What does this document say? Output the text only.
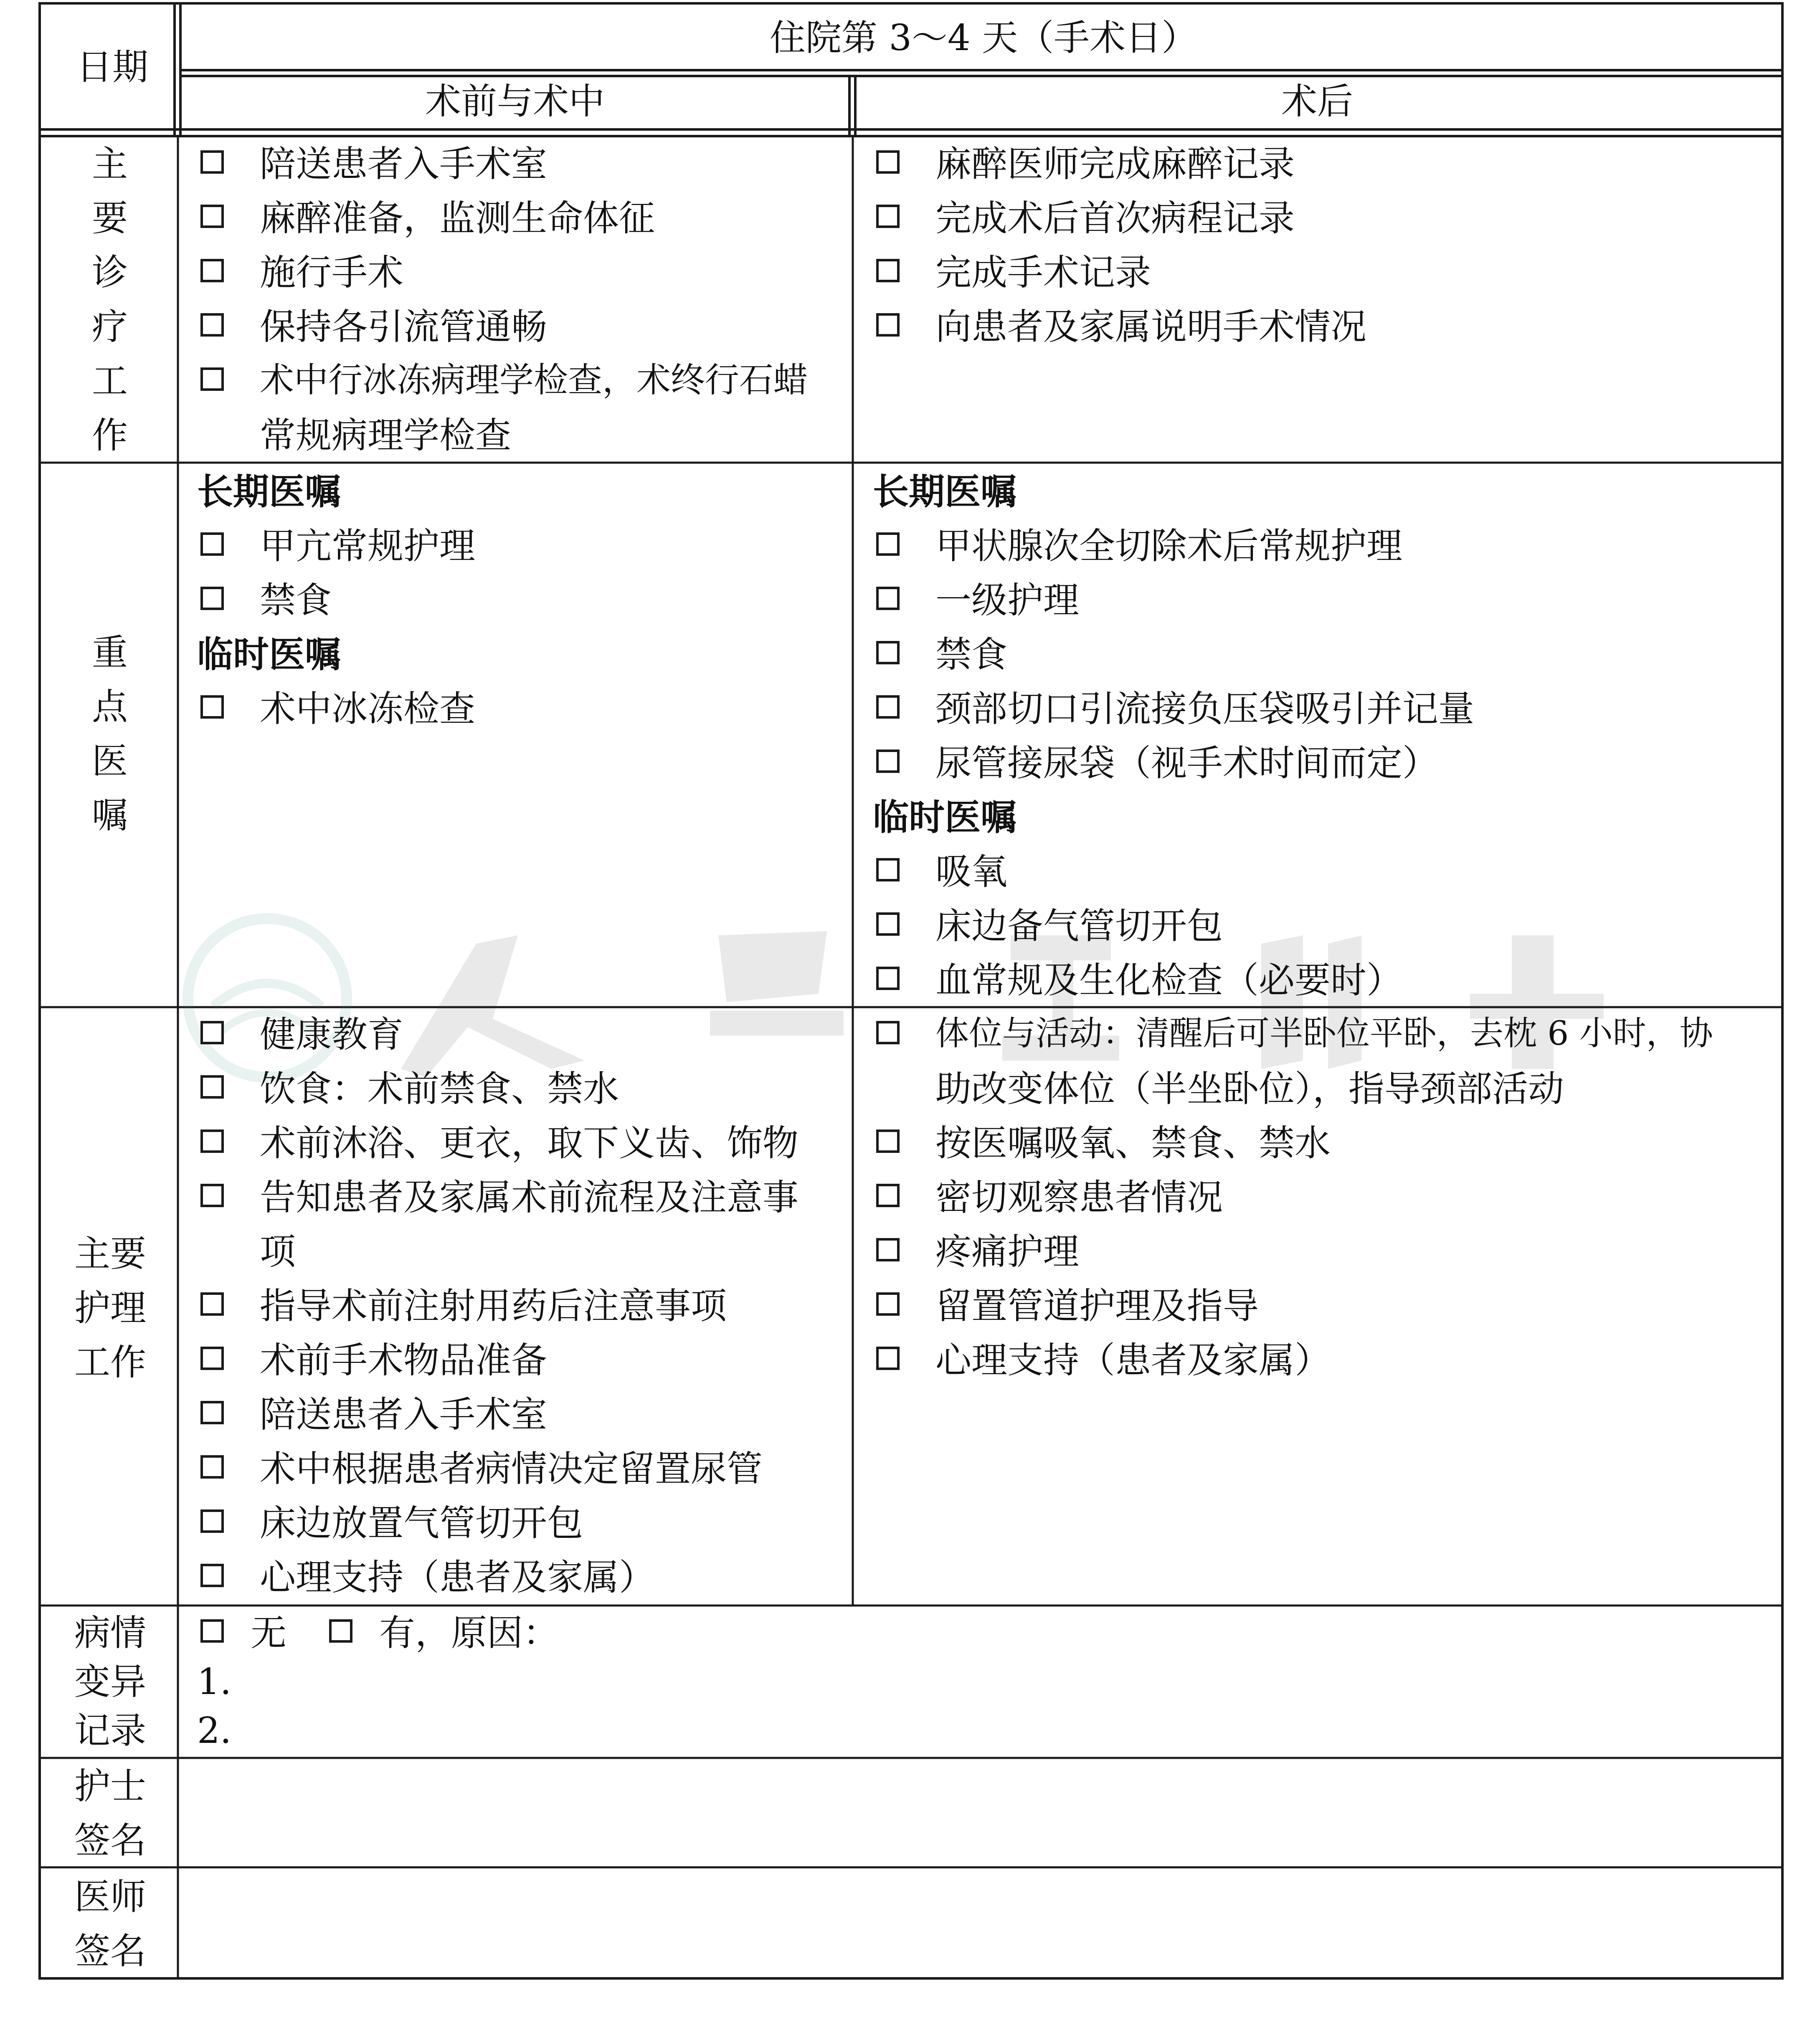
日期
住院第 3～4 天（手术日）
术前与术中	术后
主
要
诊
疗
工
作
陪送患者入手术室
麻醉准备，监测生命体征
施行手术
保持各引流管通畅
术中行冰冻病理学检查，术终行石蜡
常规病理学检查
麻醉医师完成麻醉记录
完成术后首次病程记录
完成手术记录
向患者及家属说明手术情况
重
点
医
嘱
长期医嘱
甲亢常规护理
禁食
临时医嘱
术中冰冻检查
长期医嘱
甲状腺次全切除术后常规护理
一级护理
禁食
颈部切口引流接负压袋吸引并记量
尿管接尿袋（视手术时间而定）
临时医嘱
吸氧
床边备气管切开包
血常规及生化检查（必要时）
主要
护理
工作
健康教育
饮食：术前禁食、禁水
术前沐浴、更衣，取下义齿、饰物
告知患者及家属术前流程及注意事
项
指导术前注射用药后注意事项
术前手术物品准备
陪送患者入手术室
术中根据患者病情决定留置尿管
床边放置气管切开包
心理支持（患者及家属）
体位与活动：清醒后可半卧位平卧，去枕 6 小时，协
助改变体位（半坐卧位），指导颈部活动
按医嘱吸氧、禁食、禁水
密切观察患者情况
疼痛护理
留置管道护理及指导
心理支持（患者及家属）
病情
变异
记录
无	有，原因：
1.
2.
护士
签名
医师
签名
